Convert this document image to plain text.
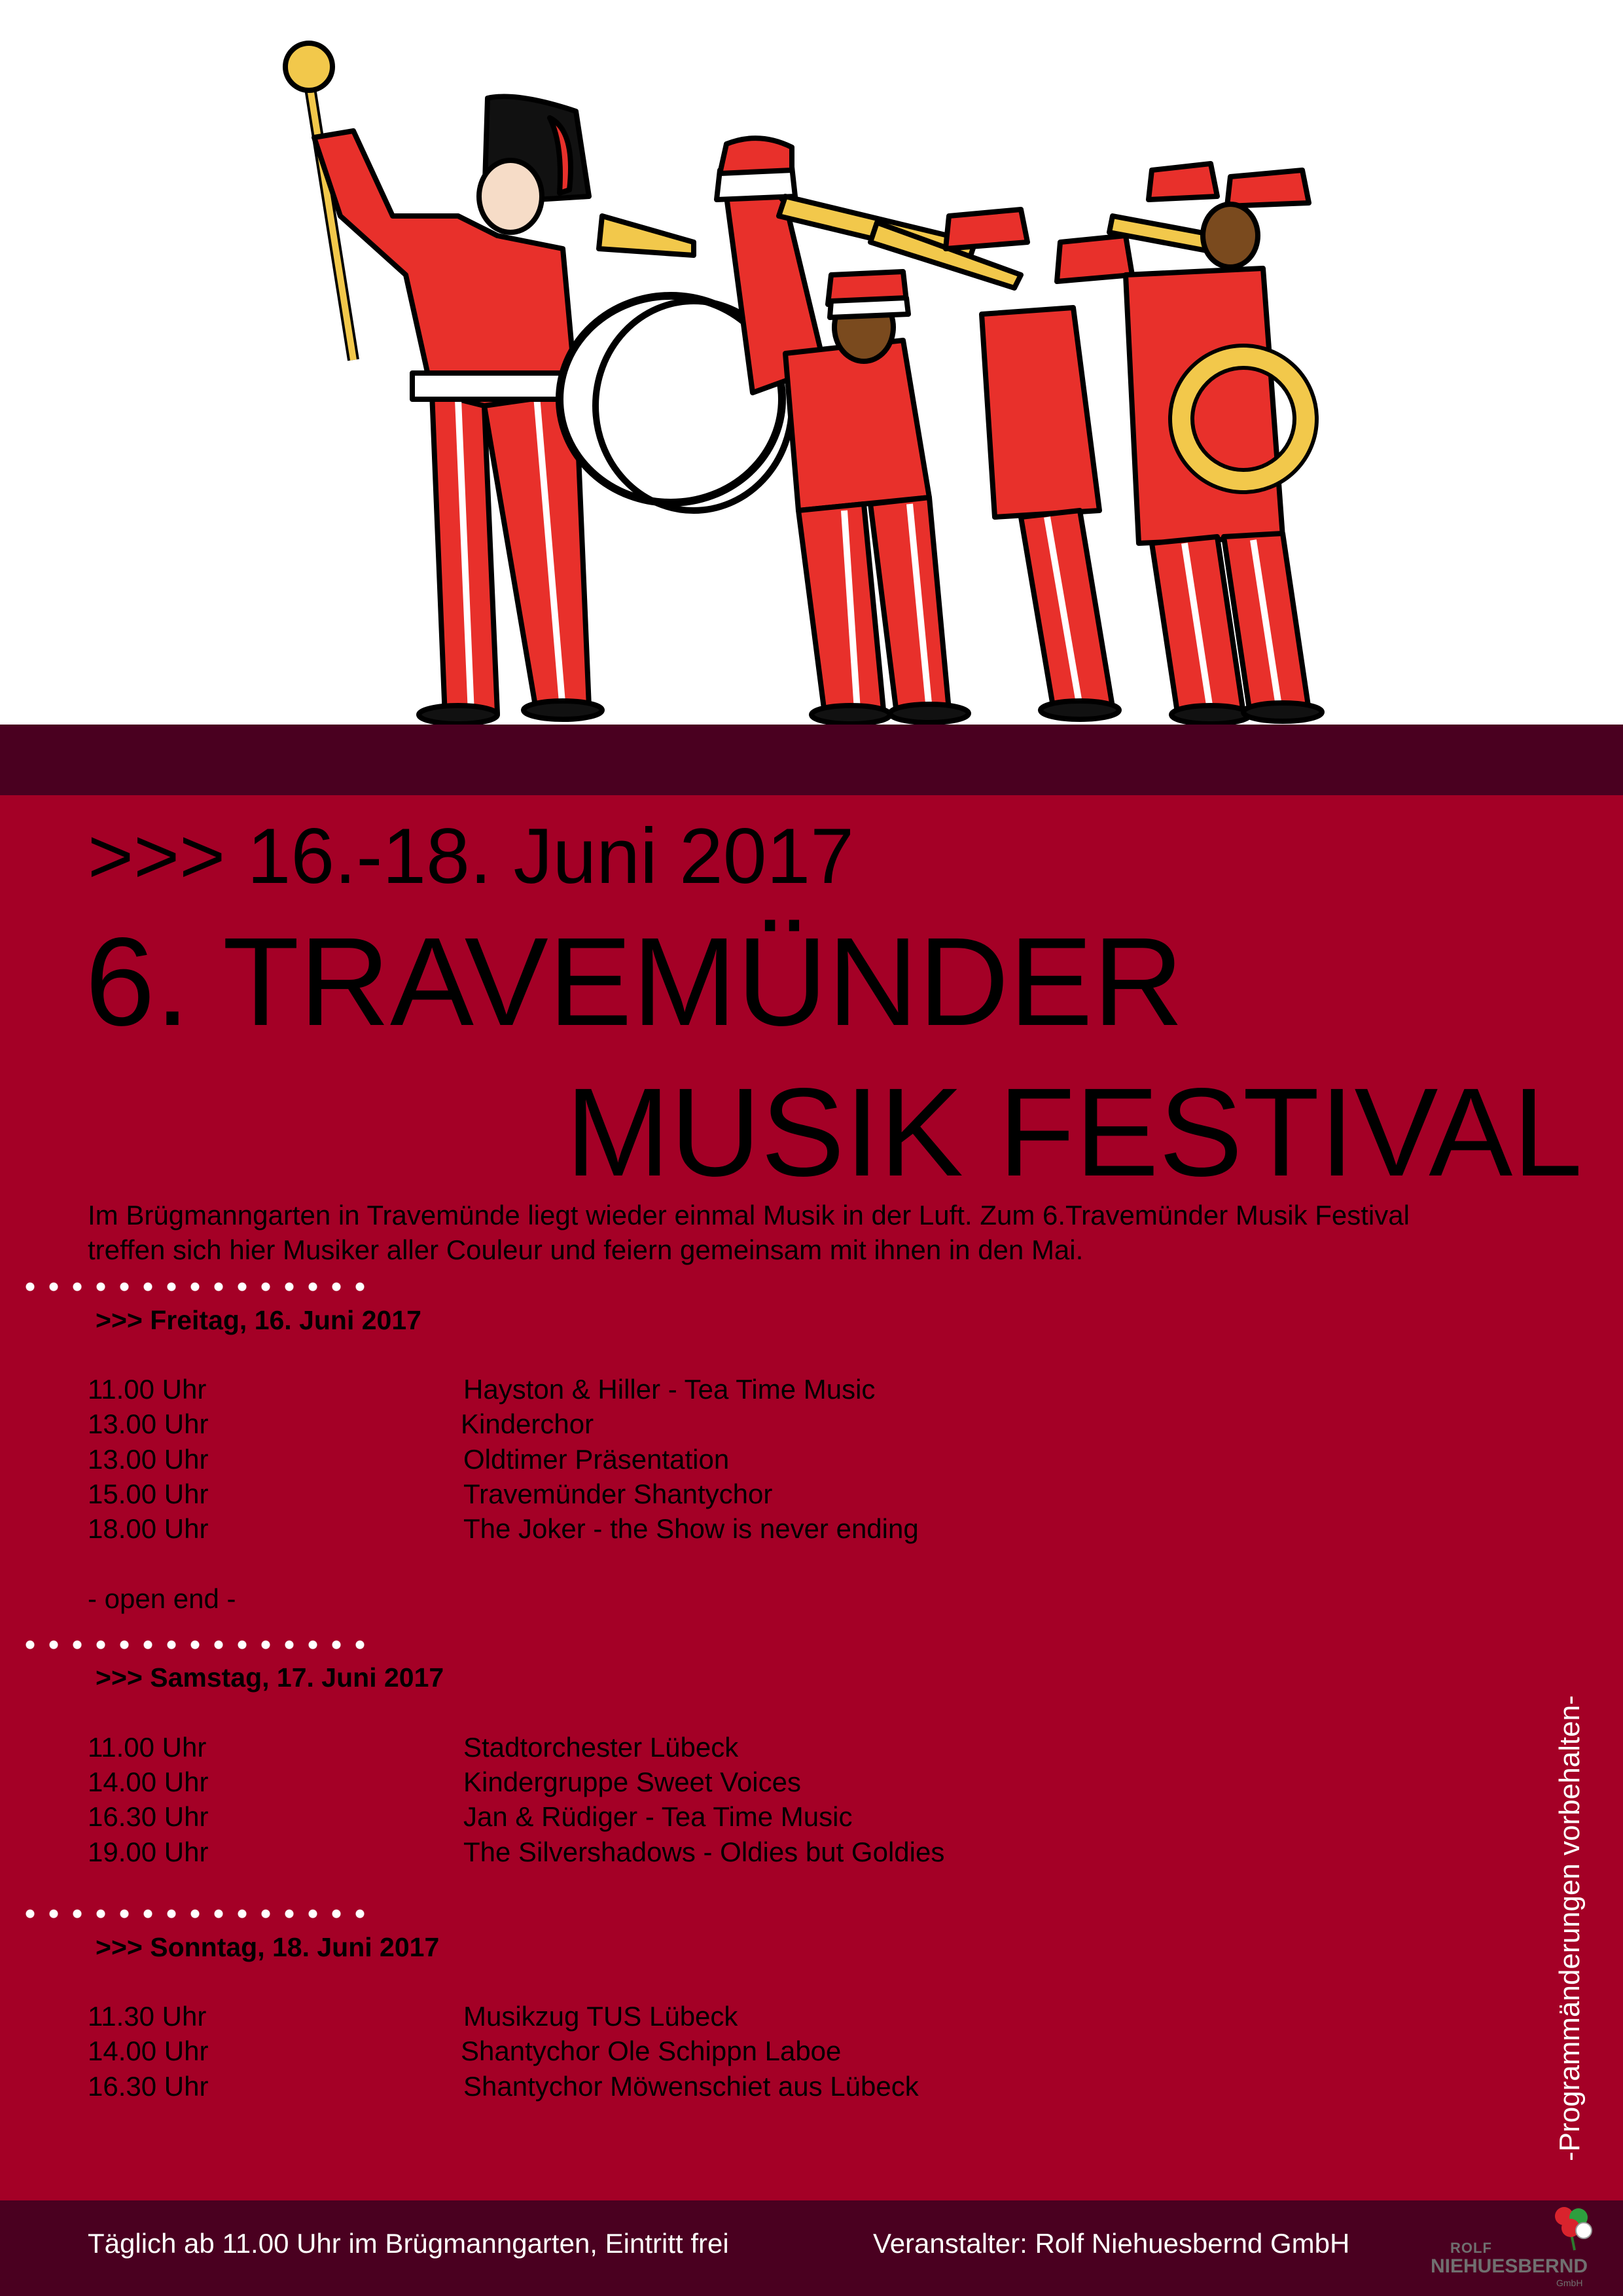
>>> 16.-18. Juni 2017
6. TRAVEMÜNDER
MUSIK FESTIVAL
Im Brügmanngarten in Travemünde liegt wieder einmal Musik in der Luft. Zum 6.Travemünder Musik Festival
treffen sich hier Musiker aller Couleur und feiern gemeinsam mit ihnen in den Mai.
>>> Freitag, 16. Juni 2017
11.00 Uhr	Hayston & Hiller - Tea Time Music
13.00 Uhr	Kinderchor
13.00 Uhr	Oldtimer Präsentation
15.00 Uhr	Travemünder Shantychor
18.00 Uhr	The Joker - the Show is never ending
- open end -
>>> Samstag, 17. Juni 2017
11.00 Uhr	Stadtorchester Lübeck
14.00 Uhr	Kindergruppe Sweet Voices
16.30 Uhr	Jan & Rüdiger - Tea Time Music
19.00 Uhr	The Silvershadows - Oldies but Goldies
>>> Sonntag, 18. Juni 2017
11.30 Uhr	Musikzug TUS Lübeck
14.00 Uhr	Shantychor Ole Schippn Laboe
16.30 Uhr	Shantychor Möwenschiet aus Lübeck	-Programmänderungen vorbehalten-
Täglich ab 11.00 Uhr im Brügmanngarten, Eintritt frei	Veranstalter: Rolf Niehuesbernd GmbH	ROLF
NIEHUESBERND
GmbH
